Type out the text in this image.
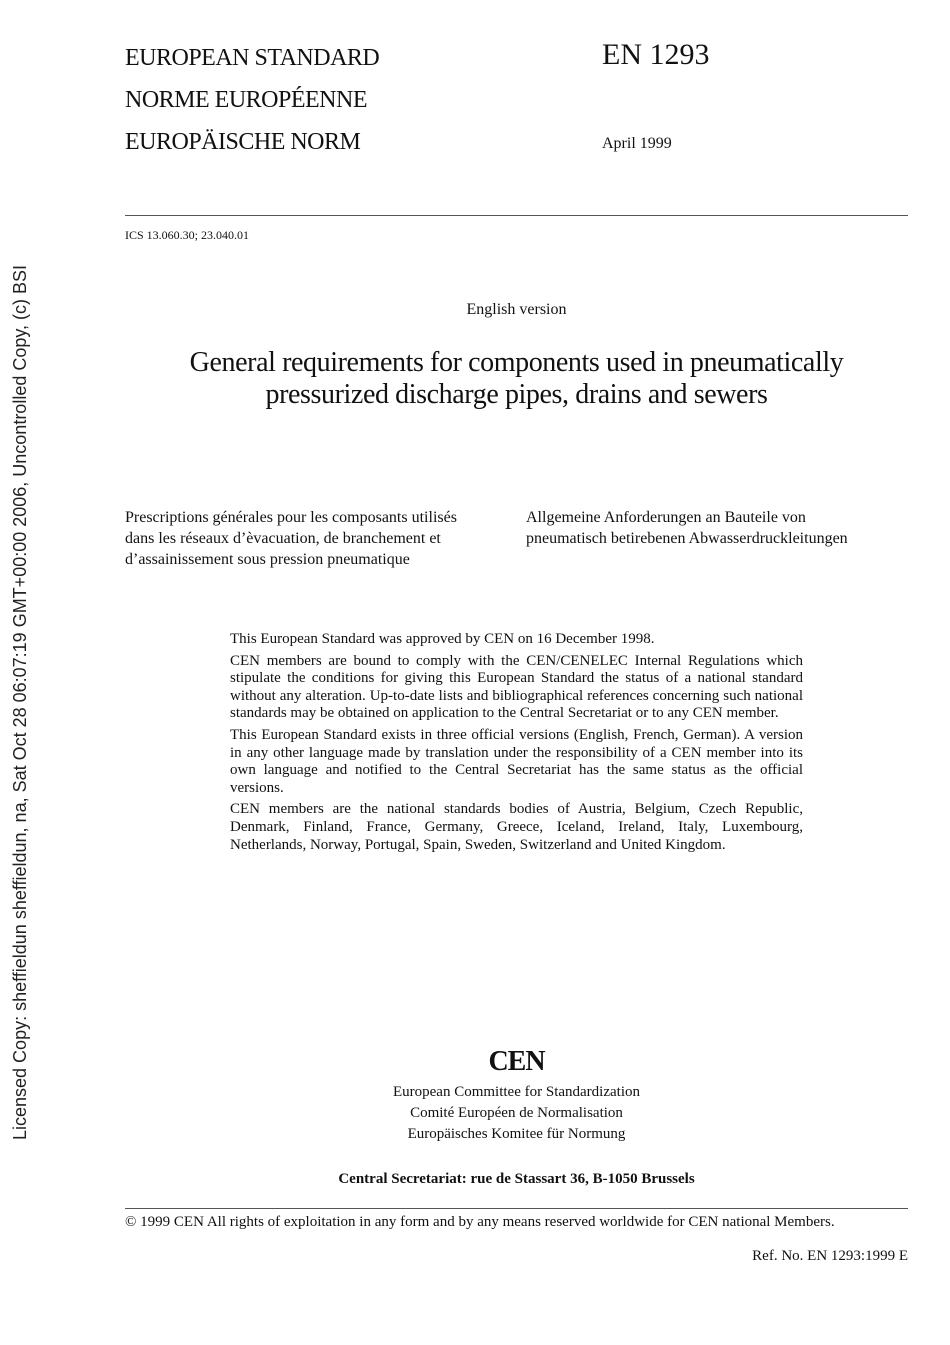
Licensed Copy: sheffieldun sheffieldun, na, Sat Oct 28 06:07:19 GMT+00:00 2006, Uncontrolled Copy, (c) BSI
EUROPEAN STANDARD
NORME EUROPÉENNE
EUROPÄISCHE NORM
EN 1293
April 1999
ICS 13.060.30; 23.040.01
English version
General requirements for components used in pneumatically
pressurized discharge pipes, drains and sewers
Prescriptions générales pour les composants utilisés
dans les réseaux d’èvacuation, de branchement et
d’assainissement sous pression pneumatique
Allgemeine Anforderungen an Bauteile von
pneumatisch betirebenen Abwasserdruckleitungen

This European Standard was approved by CEN on 16 December 1998.

CEN members are bound to comply with the CEN/CENELEC Internal Regulations which stipulate the conditions for giving this European Standard the status of a national standard without any alteration. Up-to-date lists and bibliographical references concerning such national standards may be obtained on application to the Central Secretariat or to any CEN member.

This European Standard exists in three official versions (English, French, German). A version in any other language made by translation under the responsibility of a CEN member into its own language and notified to the Central Secretariat has the same status as the official versions.

CEN members are the national standards bodies of Austria, Belgium, Czech Republic, Denmark, Finland, France, Germany, Greece, Iceland, Ireland, Italy, Luxembourg, Netherlands, Norway, Portugal, Spain, Sweden, Switzerland and United Kingdom.

CEN
European Committee for Standardization
Comité Européen de Normalisation
Europäisches Komitee für Normung
Central Secretariat: rue de Stassart 36, B-1050 Brussels
© 1999 CEN All rights of exploitation in any form and by any means reserved worldwide for CEN national Members.
Ref. No. EN 1293:1999 E
